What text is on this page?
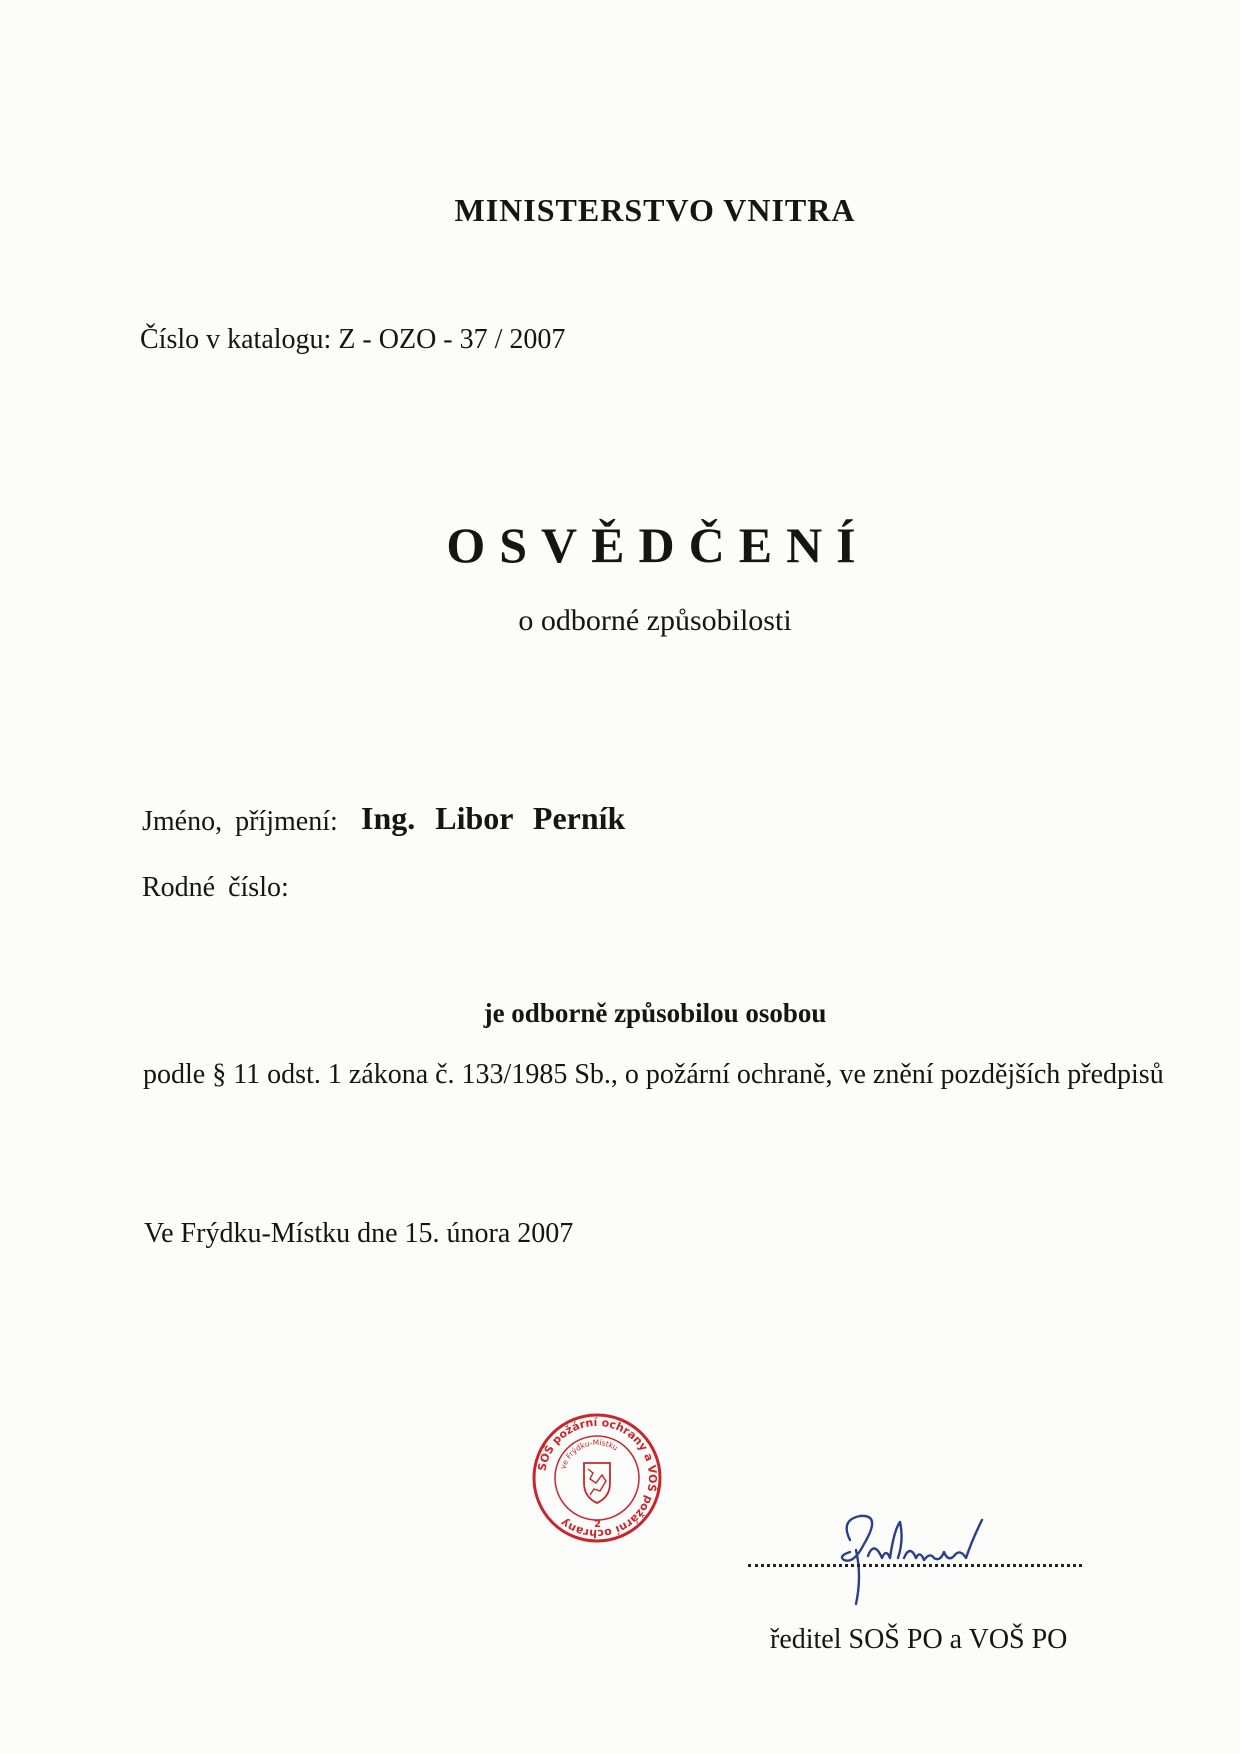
MINISTERSTVO VNITRA
Číslo v katalogu: Z - OZO - 37 / 2007
OSVĚDČENÍ
o odborné způsobilosti
Jméno, příjmení: Ing. Libor Perník
Rodné číslo:
je odborně způsobilou osobou
podle § 11 odst. 1 zákona č. 133/1985 Sb., o požární ochraně, ve znění pozdějších předpisů
Ve Frýdku-Místku dne 15. února 2007
SOŠ požární ochrany a VOŠ požární ochrany
ve Frýdku-Místku
2
ředitel SOŠ PO a VOŠ PO
